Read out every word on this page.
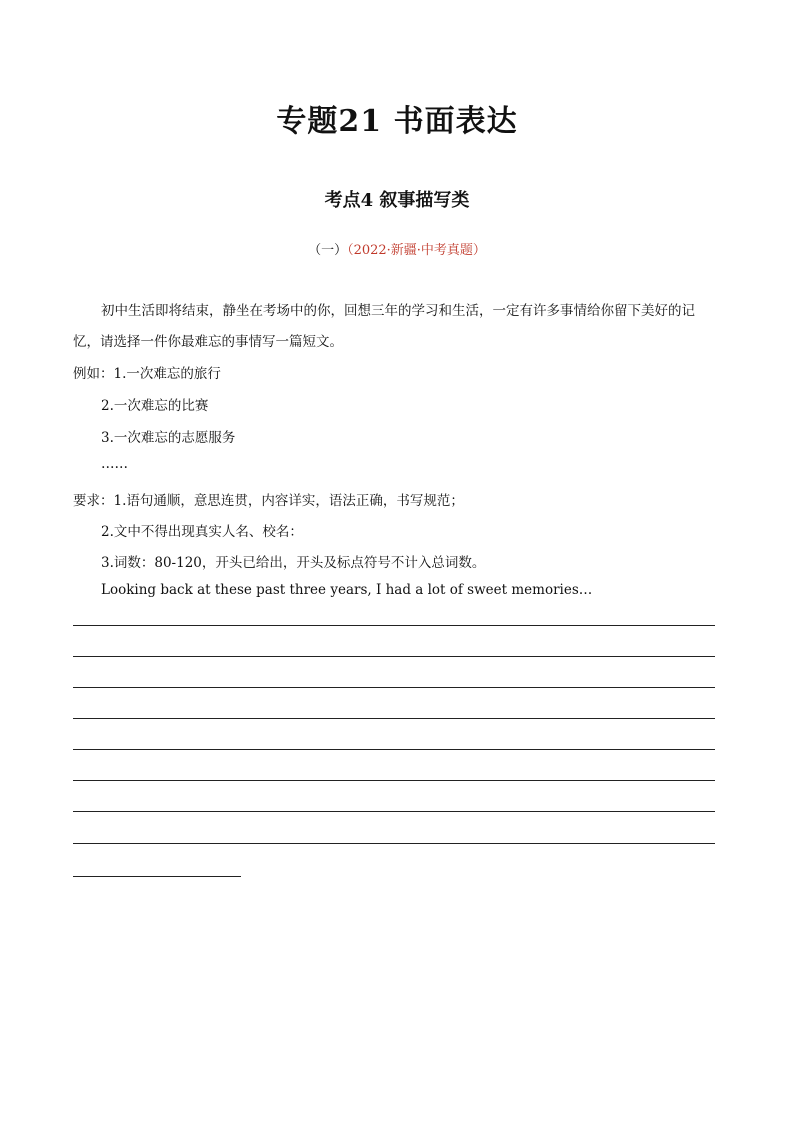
专题21 书面表达
考点4 叙事描写类
（一）（2022·新疆·中考真题）
初中生活即将结束，静坐在考场中的你，回想三年的学习和生活，一定有许多事情给你留下美好的记
忆，请选择一件你最难忘的事情写一篇短文。
例如：1.一次难忘的旅行
2.一次难忘的比赛
3.一次难忘的志愿服务
……
要求：1.语句通顺，意思连贯，内容详实，语法正确，书写规范；
2.文中不得出现真实人名、校名：
3.词数：80-120，开头已给出，开头及标点符号不计入总词数。
Looking back at these past three years, I had a lot of sweet memories…
